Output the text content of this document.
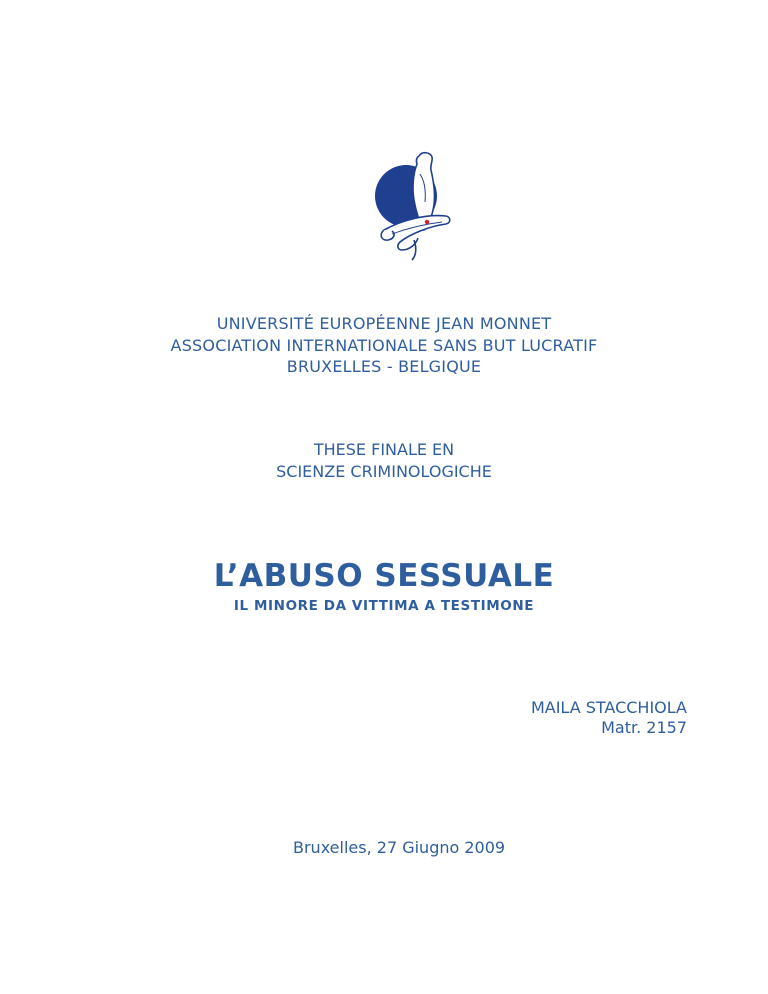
UNIVERSITÉ EUROPÉENNE JEAN MONNET
ASSOCIATION INTERNATIONALE SANS BUT LUCRATIF
BRUXELLES - BELGIQUE
THESE FINALE EN
SCIENZE CRIMINOLOGICHE
L’ABUSO SESSUALE
IL MINORE DA VITTIMA A TESTIMONE
MAILA STACCHIOLA
Matr. 2157
Bruxelles, 27 Giugno 2009
